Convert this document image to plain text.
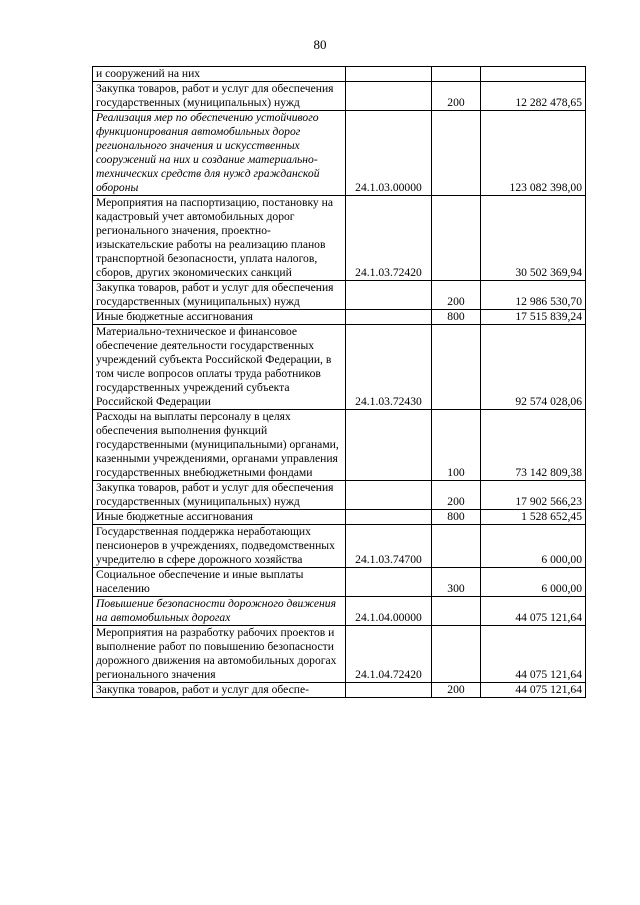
80
и сооружений на них			
Закупка товаров, работ и услуг для обеспечения государственных (муниципальных) нужд		200	12 282 478,65
Реализация мер по обеспечению устойчивого функционирования автомобильных дорог регионального значения и искусственных сооружений на них и создание материально-технических средств для нужд гражданской обороны	24.1.03.00000		123 082 398,00
Мероприятия на паспортизацию, постановку на кадастровый учет автомобильных дорог регионального значения, проектно-изыскательские работы на реализацию планов транспортной безопасности, уплата налогов, сборов, других экономических санкций	24.1.03.72420		30 502 369,94
Закупка товаров, работ и услуг для обеспечения государственных (муниципальных) нужд		200	12 986 530,70
Иные бюджетные ассигнования		800	17 515 839,24
Материально-техническое и финансовое обеспечение деятельности государственных учреждений субъекта Российской Федерации, в том числе вопросов оплаты труда работников государственных учреждений субъекта Российской Федерации	24.1.03.72430		92 574 028,06
Расходы на выплаты персоналу в целях обеспечения выполнения функций государственными (муниципальными) органами, казенными учреждениями, органами управления государственных внебюджетными фондами		100	73 142 809,38
Закупка товаров, работ и услуг для обеспечения государственных (муниципальных) нужд		200	17 902 566,23
Иные бюджетные ассигнования		800	1 528 652,45
Государственная поддержка неработающих пенсионеров в учреждениях, подведомственных учредителю в сфере дорожного хозяйства	24.1.03.74700		6 000,00
Социальное обеспечение и иные выплаты населению		300	6 000,00
Повышение безопасности дорожного движения на автомобильных дорогах	24.1.04.00000		44 075 121,64
Мероприятия на разработку рабочих проектов и выполнение работ по повышению безопасности дорожного движения на автомобильных дорогах регионального значения	24.1.04.72420		44 075 121,64
Закупка товаров, работ и услуг для обеспе-		200	44 075 121,64
